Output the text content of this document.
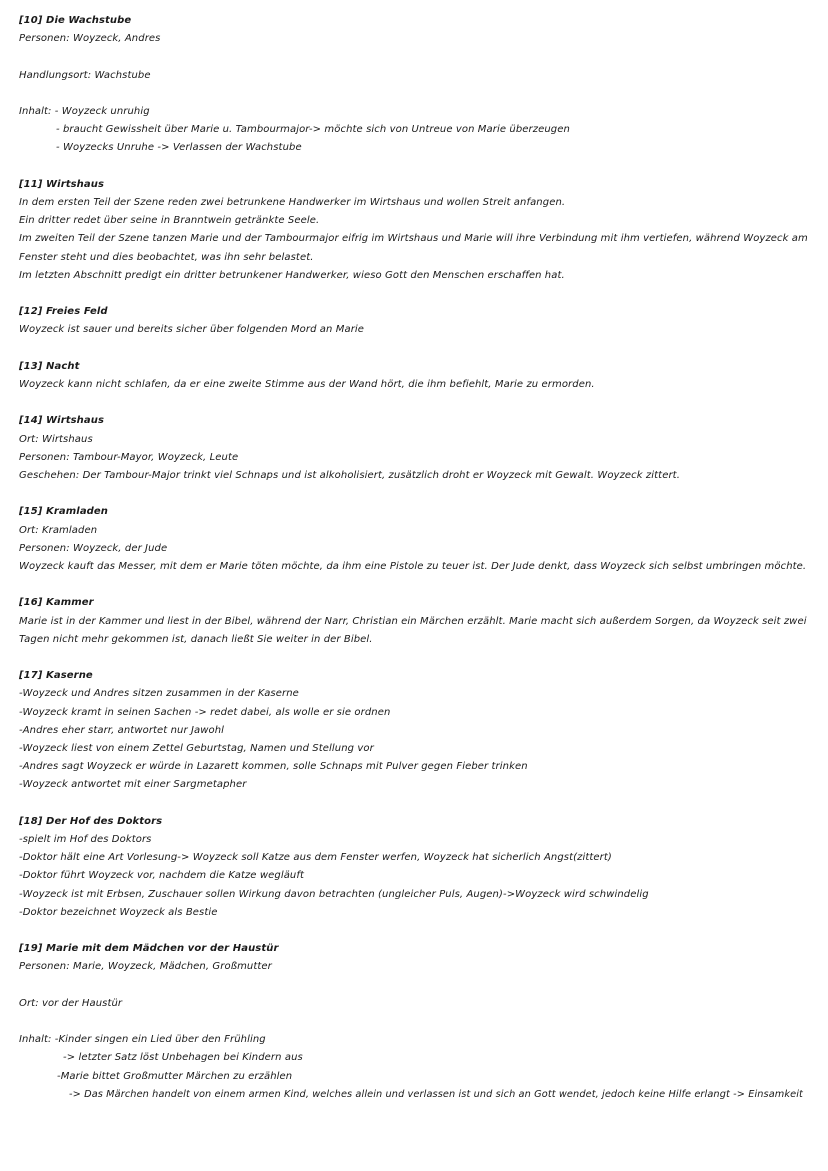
[10] Die Wachstube
Personen: Woyzeck, Andres
Handlungsort: Wachstube
Inhalt: - Woyzeck unruhig
- braucht Gewissheit über Marie u. Tambourmajor-> möchte sich von Untreue von Marie überzeugen
- Woyzecks Unruhe -> Verlassen der Wachstube
[11] Wirtshaus
In dem ersten Teil der Szene reden zwei betrunkene Handwerker im Wirtshaus und wollen Streit anfangen.
Ein dritter redet über seine in Branntwein getränkte Seele.
Im zweiten Teil der Szene tanzen Marie und der Tambourmajor eifrig im Wirtshaus und Marie will ihre Verbindung mit ihm vertiefen, während Woyzeck am
Fenster steht und dies beobachtet, was ihn sehr belastet.
Im letzten Abschnitt predigt ein dritter betrunkener Handwerker, wieso Gott den Menschen erschaffen hat.
[12] Freies Feld
Woyzeck ist sauer und bereits sicher über folgenden Mord an Marie
[13] Nacht
Woyzeck kann nicht schlafen, da er eine zweite Stimme aus der Wand hört, die ihm befiehlt, Marie zu ermorden.
[14] Wirtshaus
Ort: Wirtshaus
Personen: Tambour-Mayor, Woyzeck, Leute
Geschehen: Der Tambour-Major trinkt viel Schnaps und ist alkoholisiert, zusätzlich droht er Woyzeck mit Gewalt. Woyzeck zittert.
[15] Kramladen
Ort: Kramladen
Personen: Woyzeck, der Jude
Woyzeck kauft das Messer, mit dem er Marie töten möchte, da ihm eine Pistole zu teuer ist. Der Jude denkt, dass Woyzeck sich selbst umbringen möchte.
[16] Kammer
Marie ist in der Kammer und liest in der Bibel, während der Narr, Christian ein Märchen erzählt. Marie macht sich außerdem Sorgen, da Woyzeck seit zwei
Tagen nicht mehr gekommen ist, danach ließt Sie weiter in der Bibel.
[17] Kaserne
-Woyzeck und Andres sitzen zusammen in der Kaserne
-Woyzeck kramt in seinen Sachen -> redet dabei, als wolle er sie ordnen
-Andres eher starr, antwortet nur Jawohl
-Woyzeck liest von einem Zettel Geburtstag, Namen und Stellung vor
-Andres sagt Woyzeck er würde in Lazarett kommen, solle Schnaps mit Pulver gegen Fieber trinken
-Woyzeck antwortet mit einer Sargmetapher
[18] Der Hof des Doktors
-spielt im Hof des Doktors
-Doktor hält eine Art Vorlesung-> Woyzeck soll Katze aus dem Fenster werfen, Woyzeck hat sicherlich Angst(zittert)
-Doktor führt Woyzeck vor, nachdem die Katze wegläuft
-Woyzeck ist mit Erbsen, Zuschauer sollen Wirkung davon betrachten (ungleicher Puls, Augen)->Woyzeck wird schwindelig
-Doktor bezeichnet Woyzeck als Bestie
[19] Marie mit dem Mädchen vor der Haustür
Personen: Marie, Woyzeck, Mädchen, Großmutter
Ort: vor der Haustür
Inhalt: -Kinder singen ein Lied über den Frühling
-> letzter Satz löst Unbehagen bei Kindern aus
-Marie bittet Großmutter Märchen zu erzählen
-> Das Märchen handelt von einem armen Kind, welches allein und verlassen ist und sich an Gott wendet, jedoch keine Hilfe erlangt -> Einsamkeit
